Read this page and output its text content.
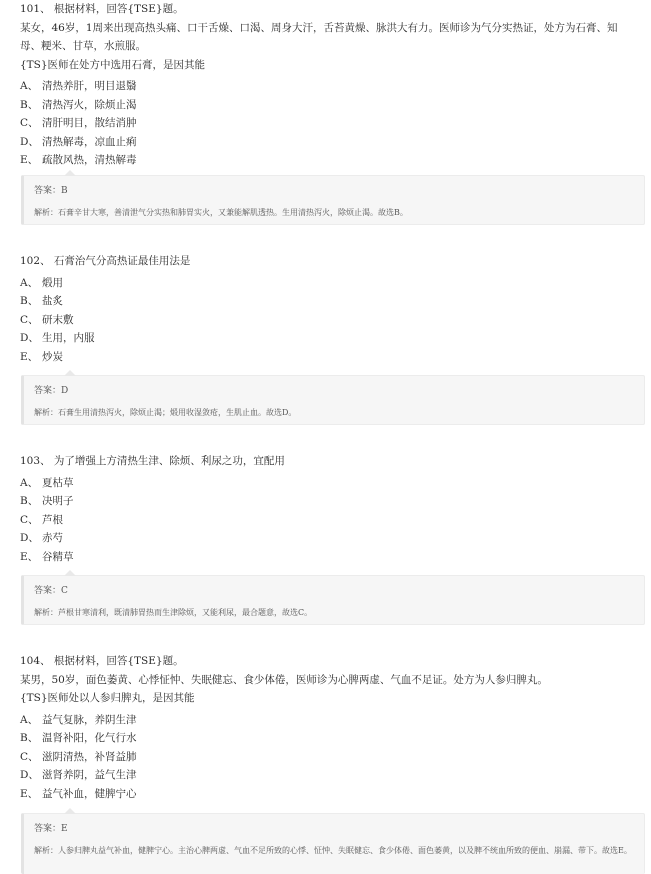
101、 根据材料，回答{TSE}题。
某女，46岁，1周来出现高热头痛、口干舌燥、口渴、周身大汗，舌苔黄燥、脉洪大有力。医师诊为气分实热证，处方为石膏、知
母、粳米、甘草，水煎服。
{TS}医师在处方中选用石膏，是因其能
A、 清热养肝，明目退翳
B、 清热泻火，除烦止渴
C、 清肝明目，散结消肿
D、 清热解毒，凉血止痢
E、 疏散风热，清热解毒
答案：B
解析：石膏辛甘大寒，善清泄气分实热和肺胃实火，又兼能解肌透热。生用清热泻火，除烦止渴。故选B。
102、 石膏治气分高热证最佳用法是
A、 煅用
B、 盐炙
C、 研末敷
D、 生用，内服
E、 炒炭
答案：D
解析：石膏生用清热泻火，除烦止渴；煅用收湿敛疮，生肌止血。故选D。
103、 为了增强上方清热生津、除烦、利尿之功，宜配用
A、 夏枯草
B、 决明子
C、 芦根
D、 赤芍
E、 谷精草
答案：C
解析：芦根甘寒清利，既清肺胃热而生津除烦，又能利尿，最合题意，故选C。
104、 根据材料，回答{TSE}题。
某男，50岁，面色萎黄、心悸怔忡、失眠健忘、食少体倦，医师诊为心脾两虚、气血不足证。处方为人参归脾丸。
{TS}医师处以人参归脾丸，是因其能
A、 益气复脉，养阴生津
B、 温肾补阳，化气行水
C、 滋阴清热，补肾益肺
D、 滋肾养阴，益气生津
E、 益气补血，健脾宁心
答案：E
解析：人参归脾丸益气补血，健脾宁心。主治心脾两虚、气血不足所致的心悸、怔忡、失眠健忘、食少体倦、面色萎黄，以及脾不统血所致的便血、崩漏、带下。故选E。
